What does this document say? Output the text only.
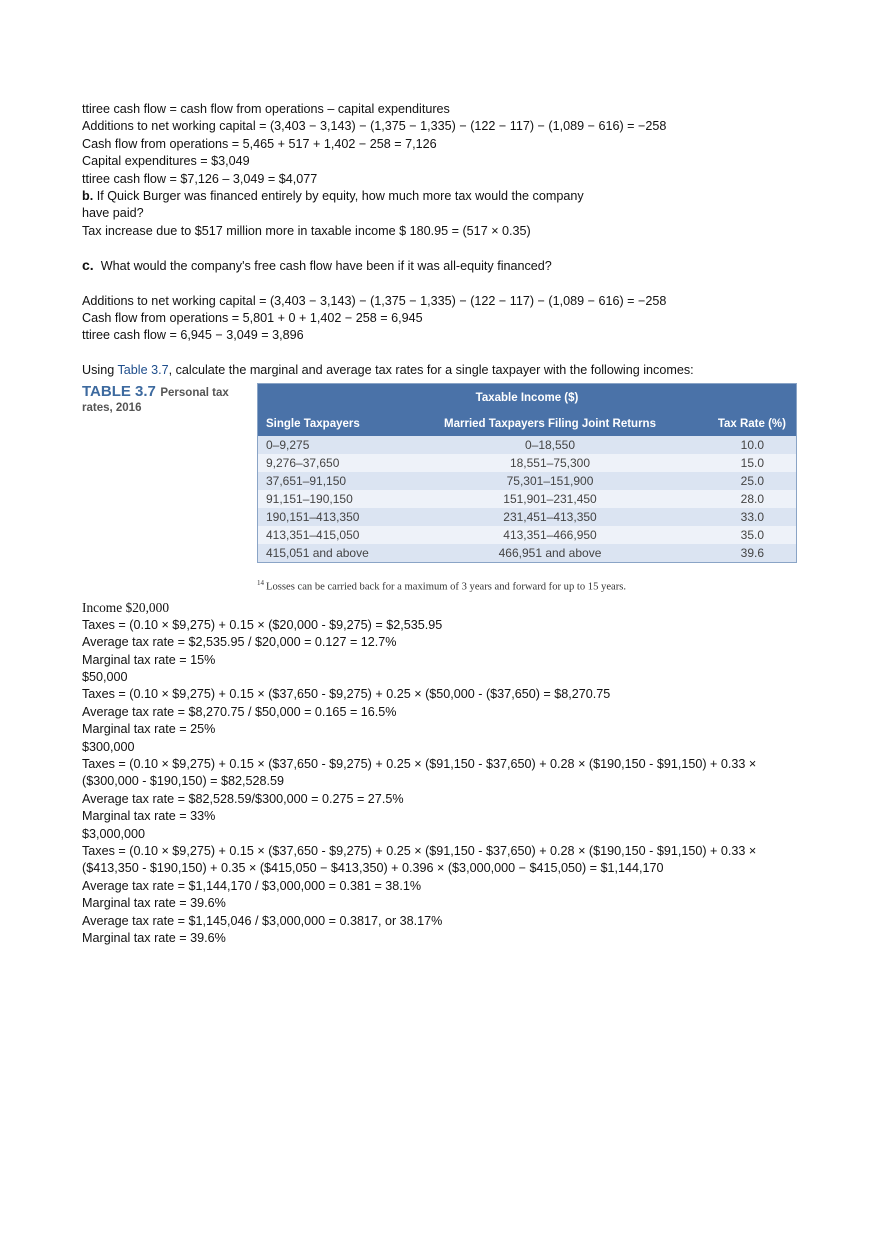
ttiree cash flow = cash flow from operations – capital expenditures
Additions to net working capital = (3,403 − 3,143) − (1,375 − 1,335) − (122 − 117) − (1,089 − 616) = −258
Cash flow from operations = 5,465 + 517 + 1,402 − 258 = 7,126
Capital expenditures = $3,049
ttiree cash flow = $7,126 – 3,049 = $4,077
b. If Quick Burger was financed entirely by equity, how much more tax would the company
have paid?
Tax increase due to $517 million more in taxable income $ 180.95 = (517 × 0.35)
c. What would the company's free cash flow have been if it was all-equity financed?
Additions to net working capital = (3,403 − 3,143) − (1,375 − 1,335) − (122 − 117) − (1,089 − 616) = −258
Cash flow from operations = 5,801 + 0 + 1,402 − 258 = 6,945
ttiree cash flow = 6,945 − 3,049 = 3,896
Using Table 3.7, calculate the marginal and average tax rates for a single taxpayer with the following incomes:
TABLE 3.7 Personal tax
rates, 2016
Taxable Income ($)		
Single Taxpayers	Married Taxpayers Filing Joint Returns	Tax Rate (%)
0–9,275	0–18,550	10.0
9,276–37,650	18,551–75,300	15.0
37,651–91,150	75,301–151,900	25.0
91,151–190,150	151,901–231,450	28.0
190,151–413,350	231,451–413,350	33.0
413,351–415,050	413,351–466,950	35.0
415,051 and above	466,951 and above	39.6
$^{14}$ Losses can be carried back for a maximum of 3 years and forward for up to 15 years.
Income $20,000
Taxes = (0.10 × $9,275) + 0.15 × ($20,000 - $9,275) = $2,535.95
Average tax rate = $2,535.95 / $20,000 = 0.127 = 12.7%
Marginal tax rate = 15%
$50,000
Taxes = (0.10 × $9,275) + 0.15 × ($37,650 - $9,275) + 0.25 × ($50,000 - ($37,650) = $8,270.75
Average tax rate = $8,270.75 / $50,000 = 0.165 = 16.5%
Marginal tax rate = 25%
$300,000
Taxes = (0.10 × $9,275) + 0.15 × ($37,650 - $9,275) + 0.25 × ($91,150 - $37,650) + 0.28 × ($190,150 - $91,150) + 0.33 ×
($300,000 - $190,150) = $82,528.59
Average tax rate = $82,528.59/$300,000 = 0.275 = 27.5%
Marginal tax rate = 33%
$3,000,000
Taxes = (0.10 × $9,275) + 0.15 × ($37,650 - $9,275) + 0.25 × ($91,150 - $37,650) + 0.28 × ($190,150 - $91,150) + 0.33 ×
($413,350 - $190,150) + 0.35 × ($415,050 − $413,350) + 0.396 × ($3,000,000 − $415,050) = $1,144,170
Average tax rate = $1,144,170 / $3,000,000 = 0.381 = 38.1%
Marginal tax rate = 39.6%
Average tax rate = $1,145,046 / $3,000,000 = 0.3817, or 38.17%
Marginal tax rate = 39.6%
